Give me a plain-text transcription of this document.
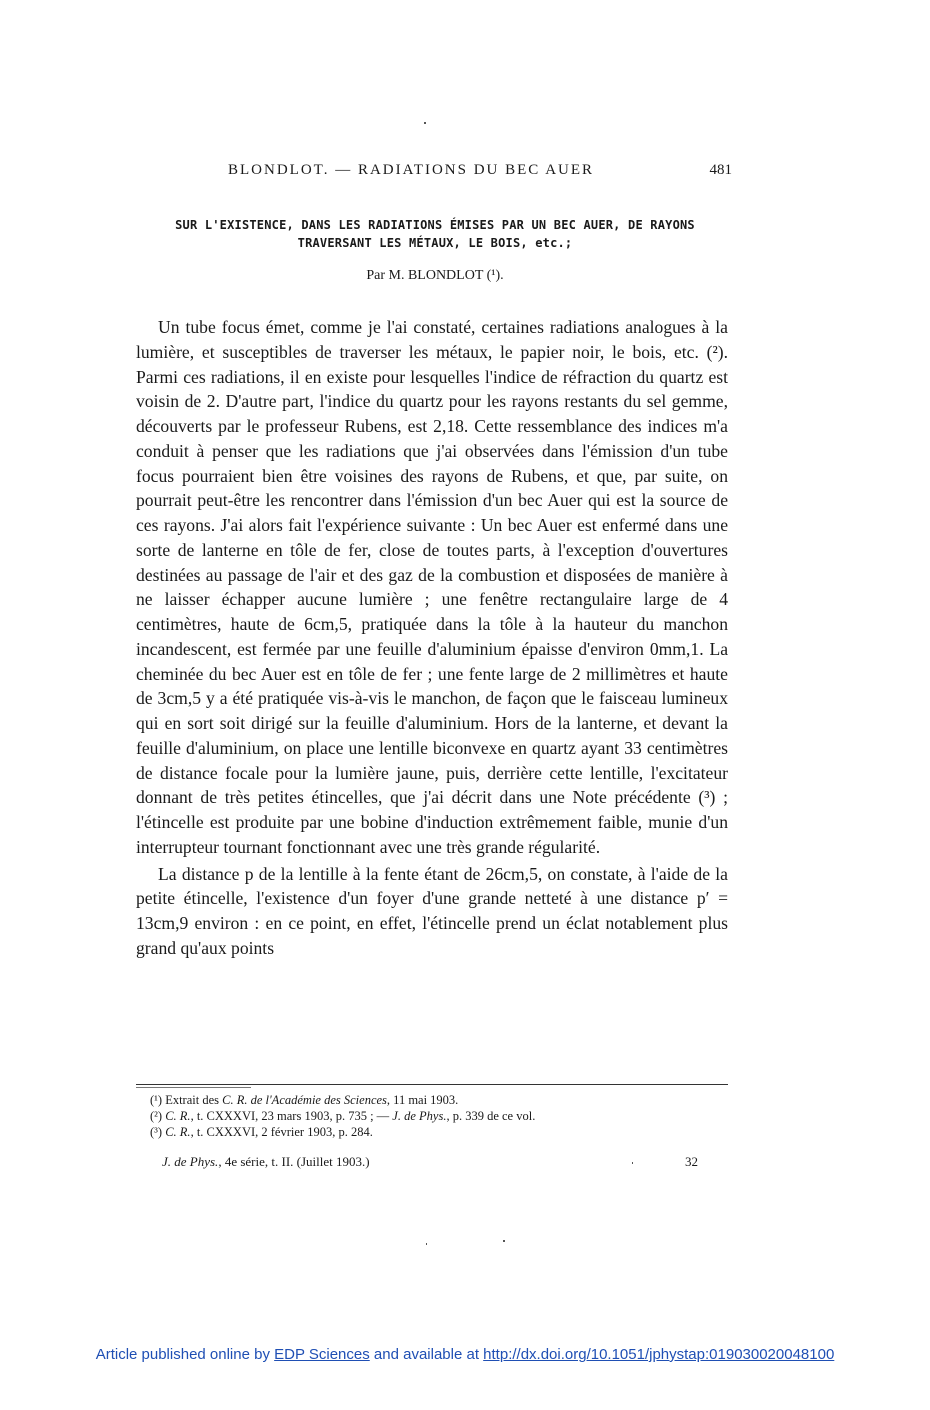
BLONDLOT. — RADIATIONS DU BEC AUER	481
SUR L'EXISTENCE, DANS LES RADIATIONS ÉMISES PAR UN BEC AUER, DE RAYONS
TRAVERSANT LES MÉTAUX, LE BOIS, etc.;
Par M. BLONDLOT (¹).

Un tube focus émet, comme je l'ai constaté, certaines radiations analogues à la lumière, et susceptibles de traverser les métaux, le papier noir, le bois, etc. (²). Parmi ces radiations, il en existe pour lesquelles l'indice de réfraction du quartz est voisin de 2. D'autre part, l'indice du quartz pour les rayons restants du sel gemme, découverts par le professeur Rubens, est 2,18. Cette ressemblance des indices m'a conduit à penser que les radiations que j'ai observées dans l'émission d'un tube focus pourraient bien être voisines des rayons de Rubens, et que, par suite, on pourrait peut-être les rencontrer dans l'émission d'un bec Auer qui est la source de ces rayons. J'ai alors fait l'expérience suivante : Un bec Auer est enfermé dans une sorte de lanterne en tôle de fer, close de toutes parts, à l'exception d'ouvertures destinées au passage de l'air et des gaz de la combustion et disposées de manière à ne laisser échapper aucune lumière ; une fenêtre rectangulaire large de 4 centimètres, haute de 6cm,5, pratiquée dans la tôle à la hauteur du manchon incandescent, est fermée par une feuille d'aluminium épaisse d'environ 0mm,1. La cheminée du bec Auer est en tôle de fer ; une fente large de 2 millimètres et haute de 3cm,5 y a été pratiquée vis-à-vis le manchon, de façon que le faisceau lumineux qui en sort soit dirigé sur la feuille d'aluminium. Hors de la lanterne, et devant la feuille d'aluminium, on place une lentille biconvexe en quartz ayant 33 centimètres de distance focale pour la lumière jaune, puis, derrière cette lentille, l'excitateur donnant de très petites étincelles, que j'ai décrit dans une Note précédente (³) ; l'étincelle est produite par une bobine d'induction extrêmement faible, munie d'un interrupteur tournant fonctionnant avec une très grande régularité.

La distance p de la lentille à la fente étant de 26cm,5, on constate, à l'aide de la petite étincelle, l'existence d'un foyer d'une grande netteté à une distance p′ = 13cm,9 environ : en ce point, en effet, l'étincelle prend un éclat notablement plus grand qu'aux points

(¹) Extrait des C. R. de l'Académie des Sciences, 11 mai 1903.
(²) C. R., t. CXXXVI, 23 mars 1903, p. 735 ; — J. de Phys., p. 339 de ce vol.
(³) C. R., t. CXXXVI, 2 février 1903, p. 284.
J. de Phys., 4e série, t. II. (Juillet 1903.)	32
Article published online by EDP Sciences and available at http://dx.doi.org/10.1051/jphystap:019030020048100
